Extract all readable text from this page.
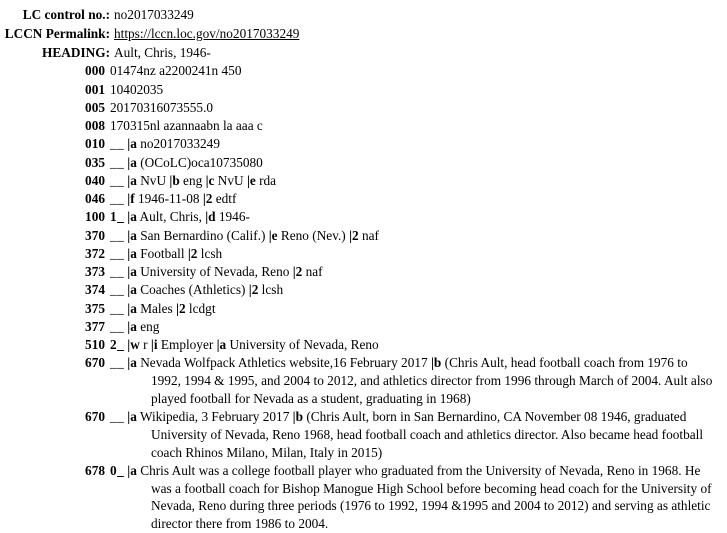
LC control no.: no2017033249
LCCN Permalink: https://lccn.loc.gov/no2017033249
HEADING: Ault, Chris, 1946-
000 01474nz a2200241n 450
001 10402035
005 20170316073555.0
008 170315nl azannaabn la aaa c
010 __ |a no2017033249
035 __ |a (OCoLC)oca10735080
040 __ |a NvU |b eng |c NvU |e rda
046 __ |f 1946-11-08 |2 edtf
100 1_ |a Ault, Chris, |d 1946-
370 __ |a San Bernardino (Calif.) |e Reno (Nev.) |2 naf
372 __ |a Football |2 lcsh
373 __ |a University of Nevada, Reno |2 naf
374 __ |a Coaches (Athletics) |2 lcsh
375 __ |a Males |2 lcdgt
377 __ |a eng
510 2_ |w r |i Employer |a University of Nevada, Reno
670 __ |a Nevada Wolfpack Athletics website,16 February 2017 |b (Chris Ault, head football coach from 1976 to 1992, 1994 & 1995, and 2004 to 2012, and athletics director from 1996 through March of 2004. Ault also played football for Nevada as a student, graduating in 1968)
670 __ |a Wikipedia, 3 February 2017 |b (Chris Ault, born in San Bernardino, CA November 08 1946, graduated University of Nevada, Reno 1968, head football coach and athletics director. Also became head football coach Rhinos Milano, Milan, Italy in 2015)
678 0_ |a Chris Ault was a college football player who graduated from the University of Nevada, Reno in 1968. He was a football coach for Bishop Manogue High School before becoming head coach for the University of Nevada, Reno during three periods (1976 to 1992, 1994 &1995 and 2004 to 2012) and serving as athletic director there from 1986 to 2004.
